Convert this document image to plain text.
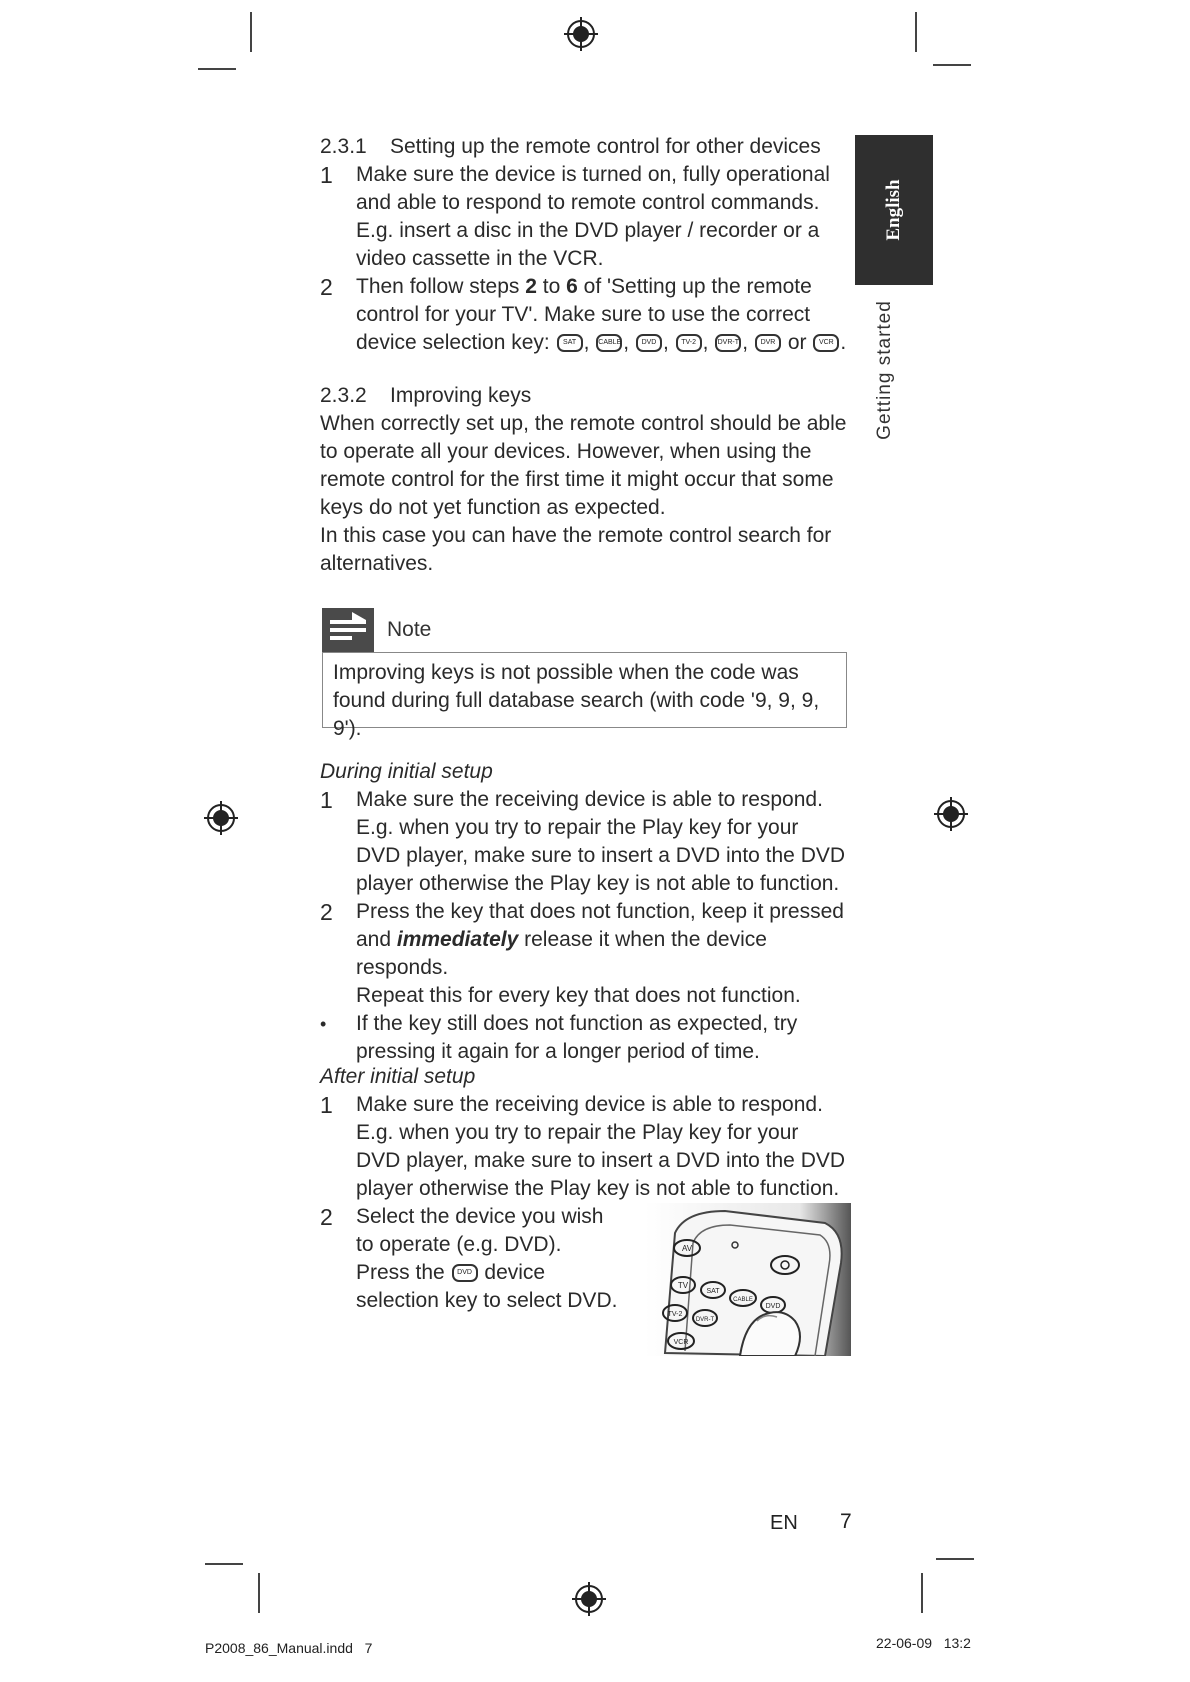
English
Getting started
2.3.1 Setting up the remote control for other devices
1 Make sure the device is turned on, fully operational and able to respond to remote control commands. E.g. insert a disc in the DVD player / recorder or a video cassette in the VCR.
2 Then follow steps 2 to 6 of 'Setting up the remote control for your TV'. Make sure to use the correct device selection key: SAT , CABLE, DVD , TV-2 , DVR-T , DVR or VCR .
2.3.2 Improving keys
When correctly set up, the remote control should be able to operate all your devices. However, when using the remote control for the first time it might occur that some keys do not yet function as expected.
In this case you can have the remote control search for alternatives.
Note
Improving keys is not possible when the code was found during full database search (with code '9, 9, 9, 9').
During initial setup
1 Make sure the receiving device is able to respond. E.g. when you try to repair the Play key for your DVD player, make sure to insert a DVD into the DVD player otherwise the Play key is not able to function.
2 Press the key that does not function, keep it pressed and immediately release it when the device responds.
Repeat this for every key that does not function.
• If the key still does not function as expected, try pressing it again for a longer period of time.
After initial setup
1 Make sure the receiving device is able to respond. E.g. when you try to repair the Play key for your DVD player, make sure to insert a DVD into the DVD player otherwise the Play key is not able to function.
2 Select the device you wish
to operate (e.g. DVD).
Press the DVD device
selection key to select DVD.
AV
TV
SAT
CABLE
DVD
TV-2
DVR-T
VCR
EN 7
P2008_86_Manual.indd   7	22-06-09   13:2
